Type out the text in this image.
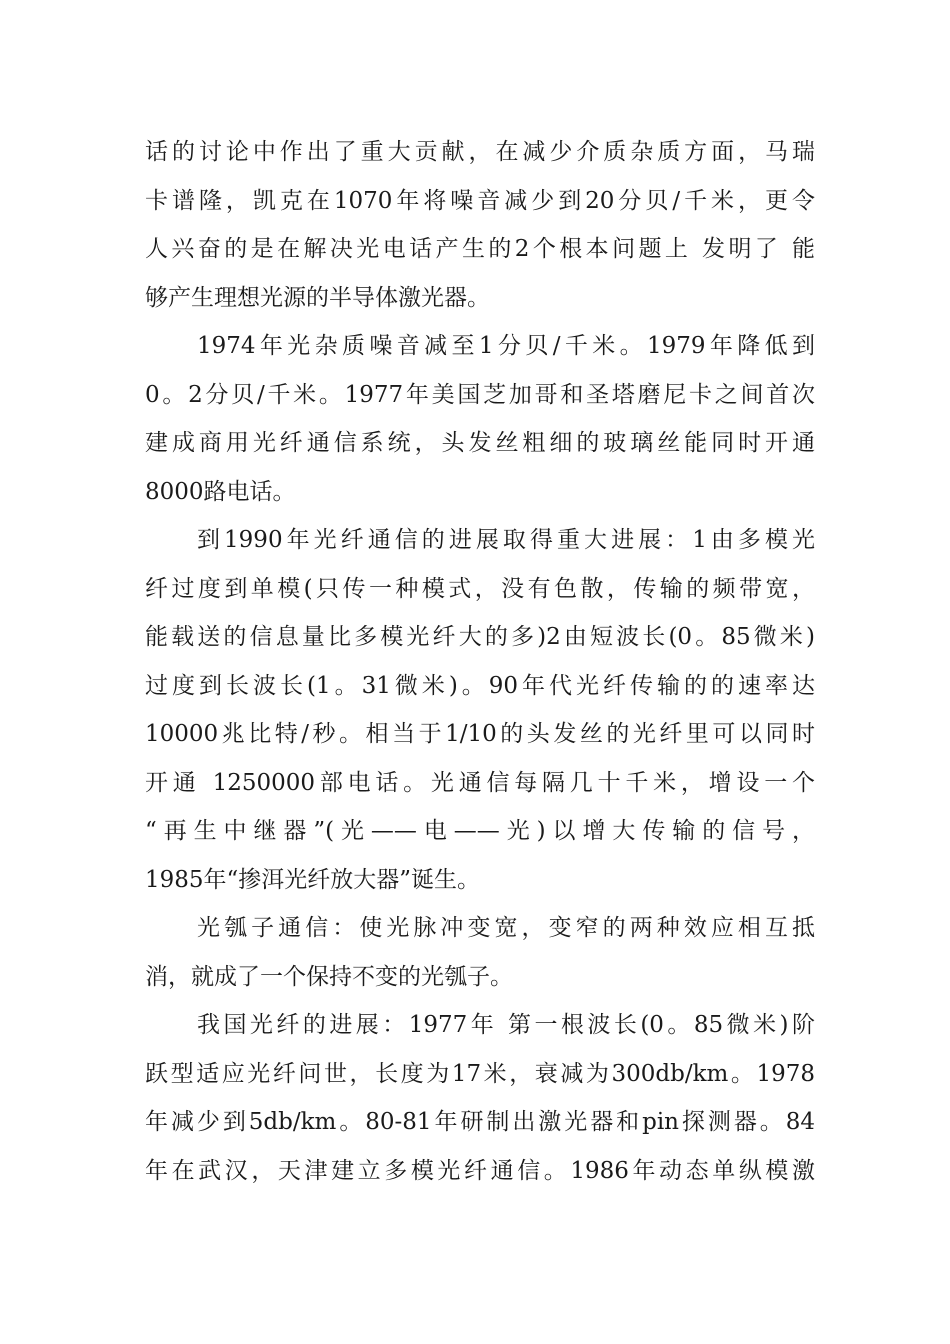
话的讨论中作出了重大贡献，在减少介质杂质方面，马瑞
卡谱隆，凯克在1070年将噪音减少到20分贝/千米，更令
人兴奋的是在解决光电话产生的2个根本问题上 发明了 能
够产生理想光源的半导体激光器。
1974年光杂质噪音减至1分贝/千米。1979年降低到
0。2分贝/千米。1977年美国芝加哥和圣塔磨尼卡之间首次
建成商用光纤通信系统，头发丝粗细的玻璃丝能同时开通
8000路电话。
到1990年光纤通信的进展取得重大进展：1由多模光
纤过度到单模(只传一种模式，没有色散，传输的频带宽，
能载送的信息量比多模光纤大的多)2由短波长(0。85微米)
过度到长波长(1。31微米)。90年代光纤传输的的速率达
10000兆比特/秒。相当于1/10的头发丝的光纤里可以同时
开通 1250000部电话。光通信每隔几十千米，增设一个
“再生中继器”(光——电——光)以增大传输的信号，
1985年“掺洱光纤放大器”诞生。
光瓠子通信：使光脉冲变宽，变窄的两种效应相互抵
消，就成了一个保持不变的光瓠子。
我国光纤的进展：1977年 第一根波长(0。85微米)阶
跃型适应光纤问世，长度为17米，衰减为300db/km。1978
年减少到5db/km。80-81年研制出激光器和pin探测器。84
年在武汉，天津建立多模光纤通信。1986年动态单纵模激
